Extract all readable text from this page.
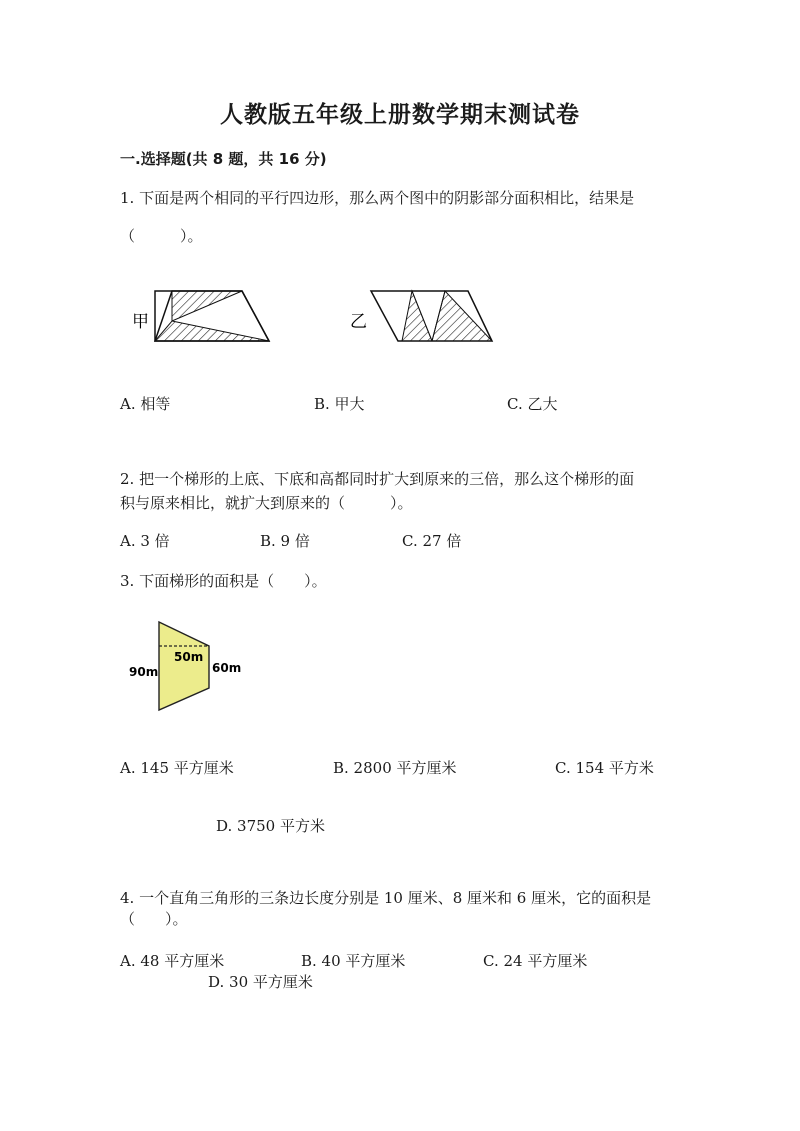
人教版五年级上册数学期末测试卷
一.选择题(共 8 题，共 16 分)
1. 下面是两个相同的平行四边形，那么两个图中的阴影部分面积相比，结果是
（　　　）。
甲	乙
A. 相等	B. 甲大	C. 乙大
2. 把一个梯形的上底、下底和高都同时扩大到原来的三倍，那么这个梯形的面
积与原来相比，就扩大到原来的（　　　）。
A. 3 倍	B. 9 倍	C. 27 倍
3. 下面梯形的面积是（　　）。
90m
50m
60m
A. 145 平方厘米	B. 2800 平方厘米	C. 154 平方米
D. 3750 平方米
4. 一个直角三角形的三条边长度分别是 10 厘米、8 厘米和 6 厘米，它的面积是
（　　）。
A. 48 平方厘米	B. 40 平方厘米	C. 24 平方厘米
D. 30 平方厘米
